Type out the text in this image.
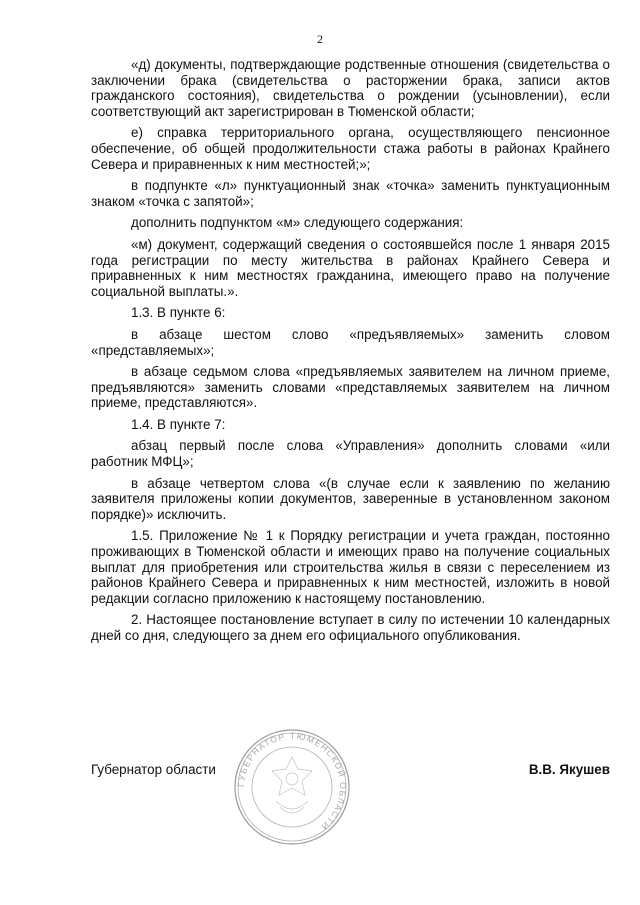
2

«д) документы, подтверждающие родственные отношения (свидетельства о заключении брака (свидетельства о расторжении брака, записи актов гражданского состояния), свидетельства о рождении (усыновлении), если соответствующий акт зарегистрирован в Тюменской области;

е) справка территориального органа, осуществляющего пенсионное обеспечение, об общей продолжительности стажа работы в районах Крайнего Севера и приравненных к ним местностей;»;

в подпункте «л» пунктуационный знак «точка» заменить пунктуационным знаком «точка с запятой»;

дополнить подпунктом «м» следующего содержания:

«м) документ, содержащий сведения о состоявшейся после 1 января 2015 года регистрации по месту жительства в районах Крайнего Севера и приравненных к ним местностях гражданина, имеющего право на получение социальной выплаты.».

1.3. В пункте 6:

в абзаце шестом слово «предъявляемых» заменить словом «представляемых»;

в абзаце седьмом слова «предъявляемых заявителем на личном приеме, предъявляются» заменить словами «представляемых заявителем на личном приеме, представляются».

1.4. В пункте 7:

абзац первый после слова «Управления» дополнить словами «или работник МФЦ»;

в абзаце четвертом слова «(в случае если к заявлению по желанию заявителя приложены копии документов, заверенные в установленном законом порядке)» исключить.

1.5. Приложение № 1 к Порядку регистрации и учета граждан, постоянно проживающих в Тюменской области и имеющих право на получение социальных выплат для приобретения или строительства жилья в связи с переселением из районов Крайнего Севера и приравненных к ним местностей, изложить в новой редакции согласно приложению к настоящему постановлению.

2. Настоящее постановление вступает в силу по истечении 10 календарных дней со дня, следующего за днем его официального опубликования.

ГУБЕРНАТОР ТЮМЕНСКОЙ ОБЛАСТИ
Губернатор области	В.В. Якушев
